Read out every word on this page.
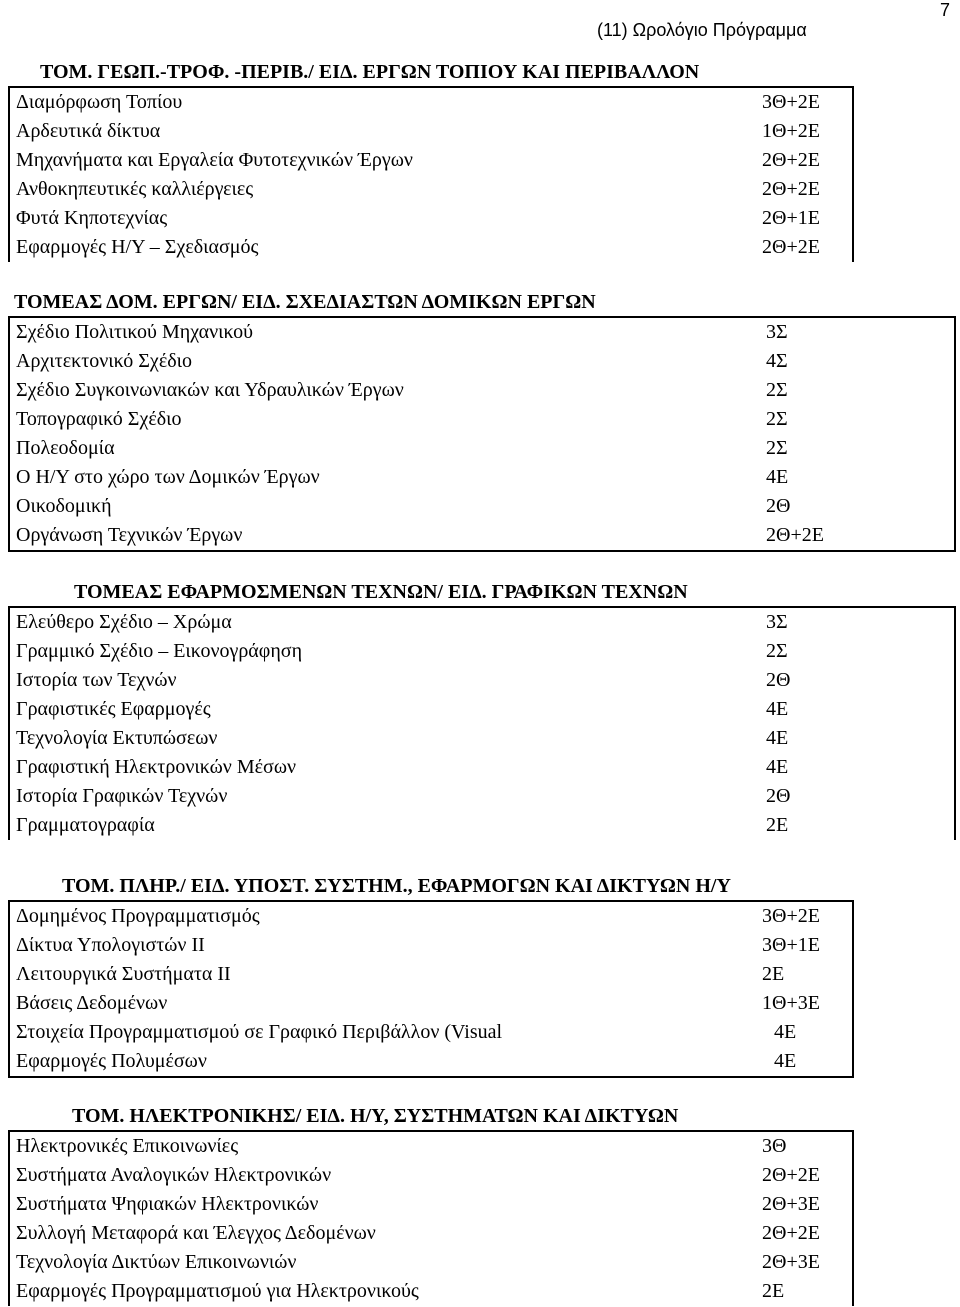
7
(11) Ωρολόγιο Πρόγραμμα
ΤΟΜ. ΓΕΩΠ.-ΤΡΟΦ. -ΠΕΡΙΒ./ ΕΙΔ. ΕΡΓΩΝ ΤΟΠΙΟΥ ΚΑΙ ΠΕΡΙΒΑΛΛΟΝ
Διαμόρφωση Τοπίου	3Θ+2Ε
Αρδευτικά δίκτυα	1Θ+2Ε
Μηχανήματα και Εργαλεία Φυτοτεχνικών Έργων	2Θ+2Ε
Ανθοκηπευτικές καλλιέργειες	2Θ+2Ε
Φυτά Κηποτεχνίας	2Θ+1Ε
Εφαρμογές Η/Υ – Σχεδιασμός	2Θ+2Ε
ΤΟΜΕΑΣ ΔΟΜ. ΕΡΓΩΝ/ ΕΙΔ. ΣΧΕΔΙΑΣΤΩΝ ΔΟΜΙΚΩΝ ΕΡΓΩΝ
Σχέδιο Πολιτικού Μηχανικού	3Σ
Αρχιτεκτονικό Σχέδιο	4Σ
Σχέδιο Συγκοινωνιακών και Υδραυλικών Έργων	2Σ
Τοπογραφικό Σχέδιο	2Σ
Πολεοδομία	2Σ
Ο Η/Υ στο χώρο των Δομικών Έργων	4Ε
Οικοδομική	2Θ
Οργάνωση Τεχνικών Έργων	2Θ+2Ε
ΤΟΜΕΑΣ ΕΦΑΡΜΟΣΜΕΝΩΝ ΤΕΧΝΩΝ/ ΕΙΔ. ΓΡΑΦΙΚΩΝ ΤΕΧΝΩΝ
Ελεύθερο Σχέδιο – Χρώμα	3Σ
Γραμμικό Σχέδιο – Εικονογράφηση	2Σ
Ιστορία των Τεχνών	2Θ
Γραφιστικές Εφαρμογές	4Ε
Τεχνολογία Εκτυπώσεων	4Ε
Γραφιστική Ηλεκτρονικών Μέσων	4Ε
Ιστορία Γραφικών Τεχνών	2Θ
Γραμματογραφία	2Ε
ΤΟΜ. ΠΛΗΡ./ ΕΙΔ. ΥΠΟΣΤ. ΣΥΣΤΗΜ., ΕΦΑΡΜΟΓΩΝ ΚΑΙ ΔΙΚΤΥΩΝ Η/Υ
Δομημένος Προγραμματισμός	3Θ+2Ε
Δίκτυα Υπολογιστών ΙΙ	3Θ+1Ε
Λειτουργικά Συστήματα ΙΙ	2Ε
Βάσεις Δεδομένων	1Θ+3Ε
Στοιχεία Προγραμματισμού σε Γραφικό Περιβάλλον (Visual	4Ε
Εφαρμογές Πολυμέσων	4Ε
ΤΟΜ. ΗΛΕΚΤΡΟΝΙΚΗΣ/ ΕΙΔ. Η/Υ, ΣΥΣΤΗΜΑΤΩΝ ΚΑΙ ΔΙΚΤΥΩΝ
Ηλεκτρονικές Επικοινωνίες	3Θ
Συστήματα Αναλογικών Ηλεκτρονικών	2Θ+2Ε
Συστήματα Ψηφιακών Ηλεκτρονικών	2Θ+3Ε
Συλλογή Μεταφορά και Έλεγχος Δεδομένων	2Θ+2Ε
Τεχνολογία Δικτύων Επικοινωνιών	2Θ+3Ε
Εφαρμογές Προγραμματισμού για Ηλεκτρονικούς	2Ε
